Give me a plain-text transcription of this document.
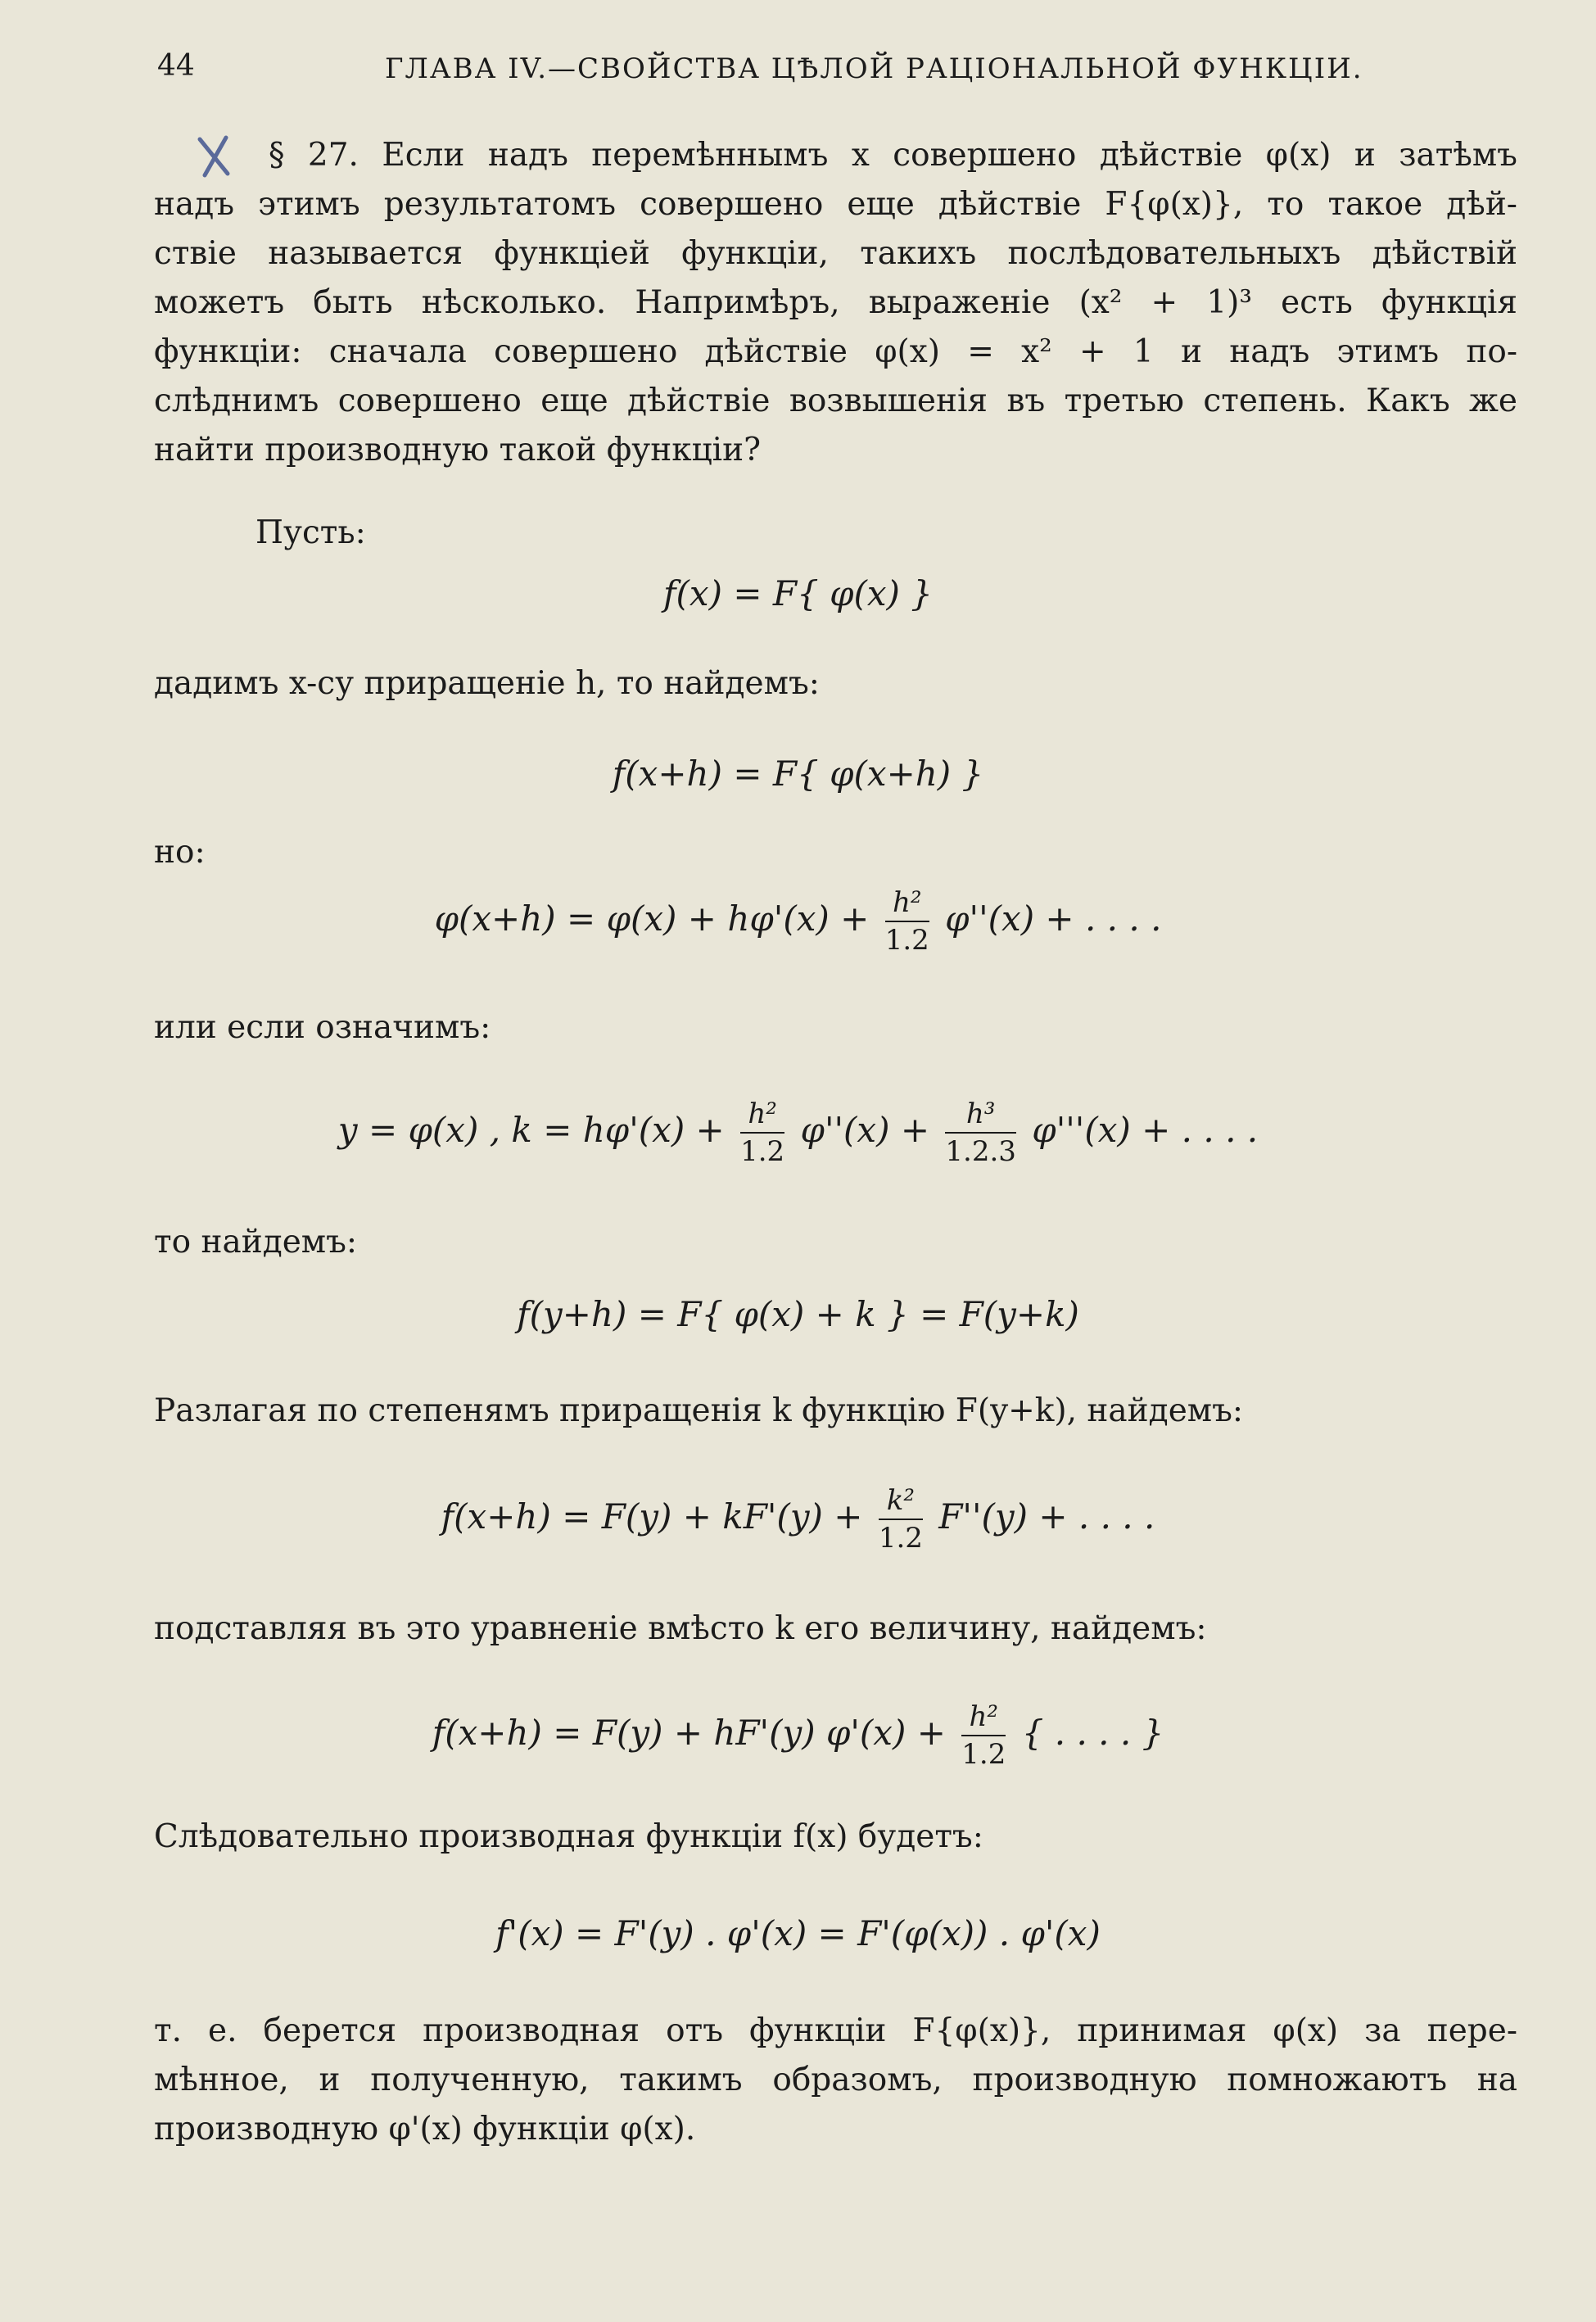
44	ГЛАВА IV.—СВОЙСТВА ЦѢЛОЙ РАЦIОНАЛЬНОЙ ФУНКЦIИ.
§ 27. Если надъ перемѣннымъ x совершено дѣйствiе φ(x) и затѣмъ
надъ этимъ результатомъ совершено еще дѣйствiе F{φ(x)}, то такое дѣй-
ствiе называется функцiей функцiи, такихъ послѣдовательныхъ дѣйствiй
можетъ быть нѣсколько. Напримѣръ, выраженiе (x² + 1)³ есть функцiя
функцiи: сначала совершено дѣйствiе φ(x) = x² + 1 и надъ этимъ по-
слѣднимъ совершено еще дѣйствiе возвышенiя въ третью степень. Какъ же
найти производную такой функцiи?
Пусть:
f(x) = F{ φ(x) }
дадимъ x-су приращенiе h, то найдемъ:
f(x+h) = F{ φ(x+h) }
но:
$\varphi(x+h) = \varphi(x) + h\varphi'(x) + \frac{\text{h²}}{1.2} \varphi''(x)$ + . . . .
или если означимъ:
y = φ(x) , $k = h\varphi'(x) + \frac{\text{h²}}{1.2} \varphi''(x) + \frac{\text{h³}}{1.2.3} \varphi'''(x)$ + . . . .
то найдемъ:
f(y+h) = F{ φ(x) + k } = F(y+k)
Разлагая по степенямъ приращенiя k функцiю F(y+k), найдемъ:
$f(x+h) = F(y) + kF'(y) + \frac{\text{k²}}{1.2} F''(y)$ + . . . .
подставляя въ это уравненiе вмѣсто k его величину, найдемъ:
f(x+h) = F(y) + hF'(y) $\varphi'(x) + \frac{\text{h²}}{1.2}$ { . . . . }
Слѣдовательно производная функцiи f(x) будетъ:
f'(x) = F'(y) . φ'(x) = F'(φ(x)) . φ'(x)
т. е. берется производная отъ функцiи F{φ(x)}, принимая φ(x) за пере-
мѣнное, и полученную, такимъ образомъ, производную помножаютъ на
производную φ'(x) функцiи φ(x).
